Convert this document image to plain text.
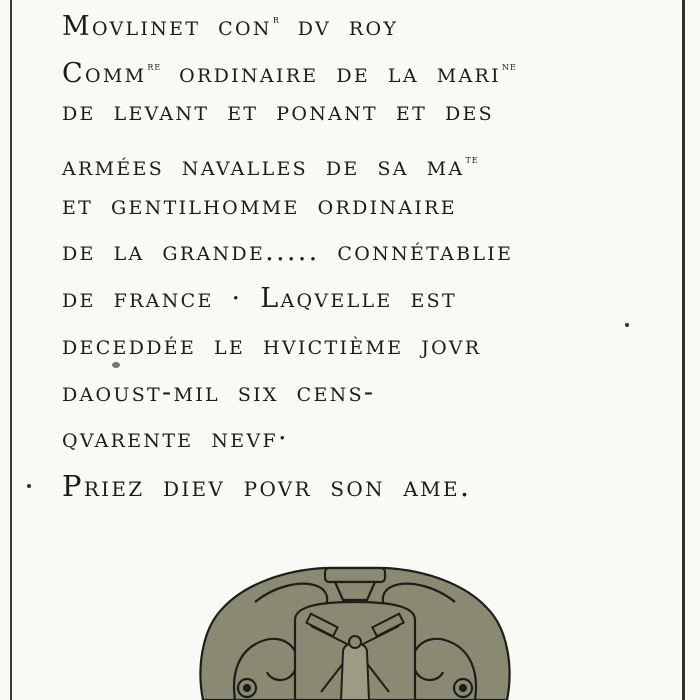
Movlinet con$^r$ dv roy
Comm$^{re}$ ordinaire de la mari$^{ne}$
de levant et ponant et des
armées navalles de sa $ma^{te}$
et gentilhomme ordinaire
de la grande..... connétablie
de france · Laqvelle est
deceddée le hvictième jovr
daoust-mil six cens-
qvarente nevf·
Priez diev povr son ame.
